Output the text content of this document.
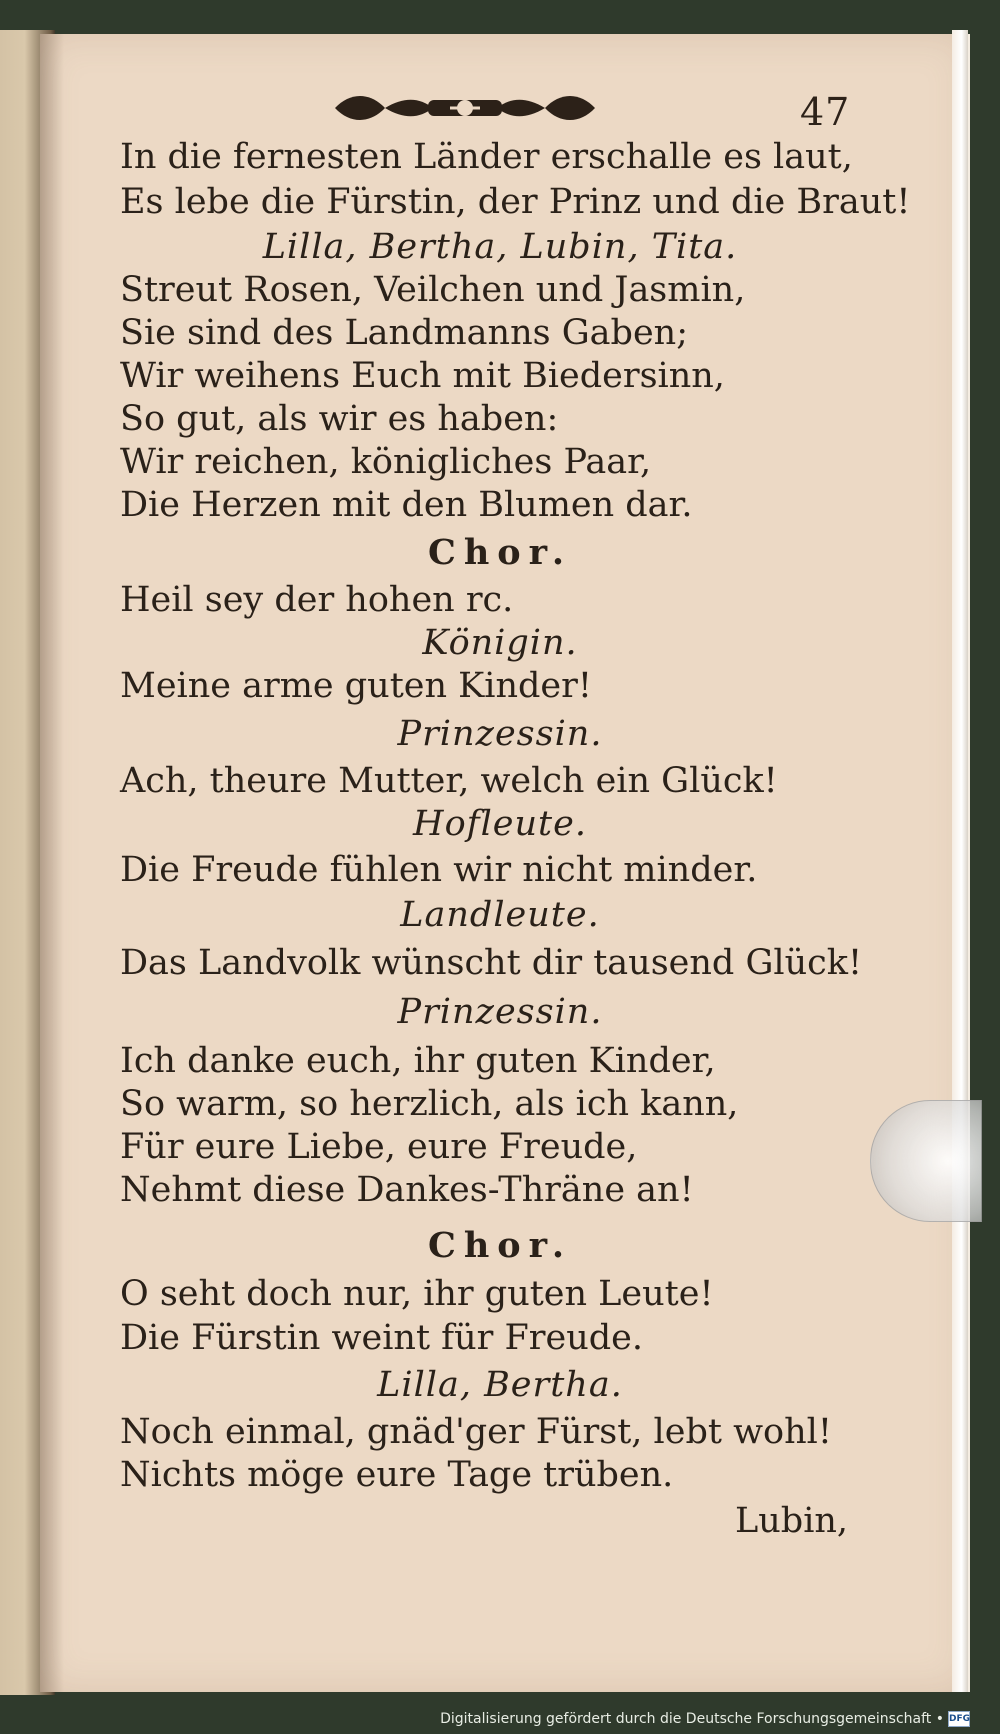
47
In die fernesten Länder erschalle es laut,
Es lebe die Fürstin, der Prinz und die Braut!
Lilla, Bertha, Lubin, Tita.
Streut Rosen, Veilchen und Jasmin,
Sie sind des Landmanns Gaben;
Wir weihens Euch mit Biedersinn,
So gut, als wir es haben:
Wir reichen, königliches Paar,
Die Herzen mit den Blumen dar.
Chor.
Heil sey der hohen rc.
Königin.
Meine arme guten Kinder!
Prinzessin.
Ach, theure Mutter, welch ein Glück!
Hofleute.
Die Freude fühlen wir nicht minder.
Landleute.
Das Landvolk wünscht dir tausend Glück!
Prinzessin.
Ich danke euch, ihr guten Kinder,
So warm, so herzlich, als ich kann,
Für eure Liebe, eure Freude,
Nehmt diese Dankes-Thräne an!
Chor.
O seht doch nur, ihr guten Leute!
Die Fürstin weint für Freude.
Lilla, Bertha.
Noch einmal, gnäd'ger Fürst, lebt wohl!
Nichts möge eure Tage trüben.
Lubin,
Digitalisierung gefördert durch die Deutsche Forschungsgemeinschaft • DFG
